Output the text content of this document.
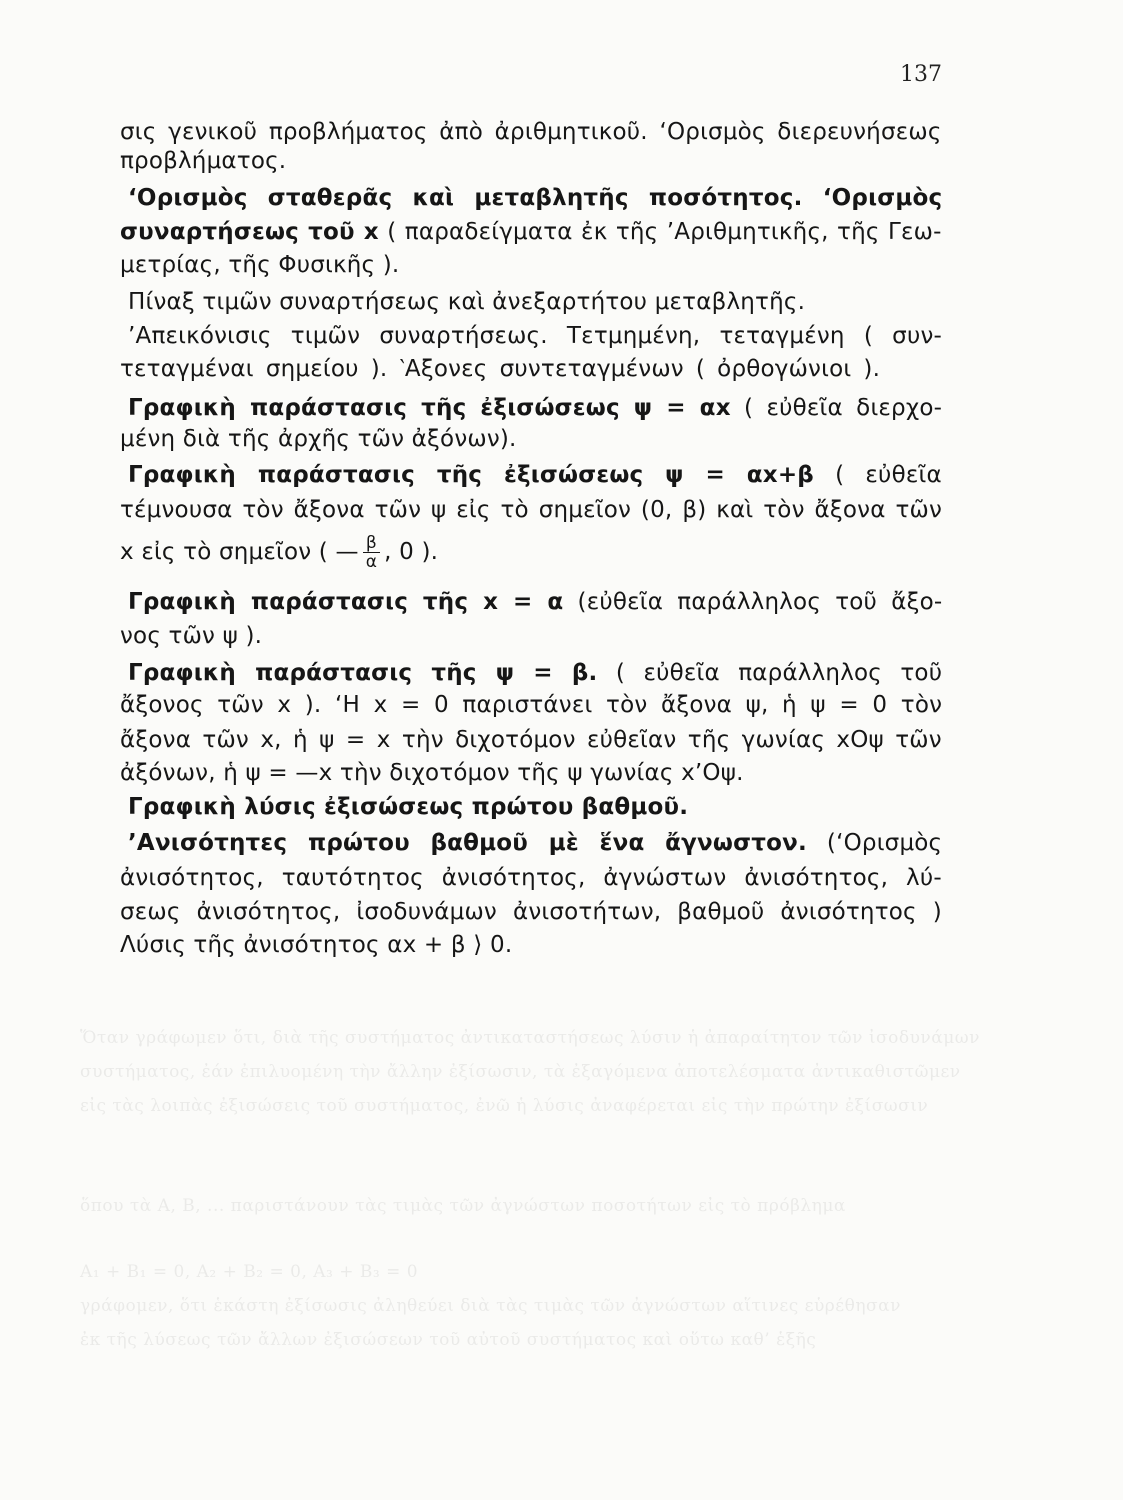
Ὅταν γράφωμεν ὅτι, διὰ τῆς συστήματος ἀντικαταστήσεως λύσιν ἡ ἀπαραίτητον τῶν ἰσοδυνάμων
συστήματος, ἐάν ἐπιλυομένη τὴν ἄλλην ἐξίσωσιν, τὰ ἐξαγόμενα ἀποτελέσματα ἀντικαθιστῶμεν
εἰς τὰς λοιπὰς ἐξισώσεις τοῦ συστήματος, ἐνῶ ἡ λύσις ἀναφέρεται εἰς τὴν πρώτην ἐξίσωσιν
ὅπου τὰ Α, Β, ... παριστάνουν τὰς τιμὰς τῶν ἀγνώστων ποσοτήτων εἰς τὸ πρόβλημα
Α₁ + Β₁ = 0, Α₂ + Β₂ = 0, Α₃ + Β₃ = 0
γράφομεν, ὅτι ἑκάστη ἐξίσωσις ἀληθεύει διὰ τὰς τιμὰς τῶν ἀγνώστων αἵτινες εὑρέθησαν
ἐκ τῆς λύσεως τῶν ἄλλων ἐξισώσεων τοῦ αὐτοῦ συστήματος καὶ οὕτω καθ’ ἑξῆς
137
σις γενικοῦ προβλήματος ἀπὸ ἀριθμητικοῦ. ‘Ορισμὸς διερευνήσεως
προβλήματος.
‘Ορισμὸς σταθερᾶς καὶ μεταβλητῆς ποσότητος. ‘Ορισμὸς
συναρτήσεως τοῦ x ( παραδείγματα ἐκ τῆς ’Αριθμητικῆς, τῆς Γεω-
μετρίας, τῆς Φυσικῆς ).
Πίναξ τιμῶν συναρτήσεως καὶ ἀνεξαρτήτου μεταβλητῆς.
’Απεικόνισις τιμῶν συναρτήσεως. Τετμημένη, τεταγμένη ( συν-
τεταγμέναι σημείου ). ‵Αξονες συντεταγμένων ( ὀρθογώνιοι ).
Γραφικὴ παράστασις τῆς ἐξισώσεως ψ = αx ( εὐθεῖα διερχο-
μένη διὰ τῆς ἀρχῆς τῶν ἀξόνων).
Γραφικὴ παράστασις τῆς ἐξισώσεως ψ = αx+β ( εὐθεῖα
τέμνουσα τὸν ἄξονα τῶν ψ εἰς τὸ σημεῖον (0, β) καὶ τὸν ἄξονα τῶν
x εἰς τὸ σημεῖον ( — $\frac{\beta}{\alpha}$ , 0 ).
Γραφικὴ παράστασις τῆς x = α (εὐθεῖα παράλληλος τοῦ ἄξο-
νος τῶν ψ ).
Γραφικὴ παράστασις τῆς ψ = β. ( εὐθεῖα παράλληλος τοῦ
ἄξονος τῶν x ). ‘Η x = 0 παριστάνει τὸν ἄξονα ψ, ἡ ψ = 0 τὸν
ἄξονα τῶν x, ἡ ψ = x τὴν διχοτόμον εὐθεῖαν τῆς γωνίας xOψ τῶν
ἀξόνων, ἡ ψ = —x τὴν διχοτόμον τῆς ψ γωνίας x’Oψ.
Γραφικὴ λύσις ἐξισώσεως πρώτου βαθμοῦ.
’Ανισότητες πρώτου βαθμοῦ μὲ ἕνα ἄγνωστον. (‘Ορισμὸς
ἀνισότητος, ταυτότητος ἀνισότητος, ἀγνώστων ἀνισότητος, λύ-
σεως ἀνισότητος, ἰσοδυνάμων ἀνισοτήτων, βαθμοῦ ἀνισότητος )
Λύσις τῆς ἀνισότητος αx + β ⟩ 0.
